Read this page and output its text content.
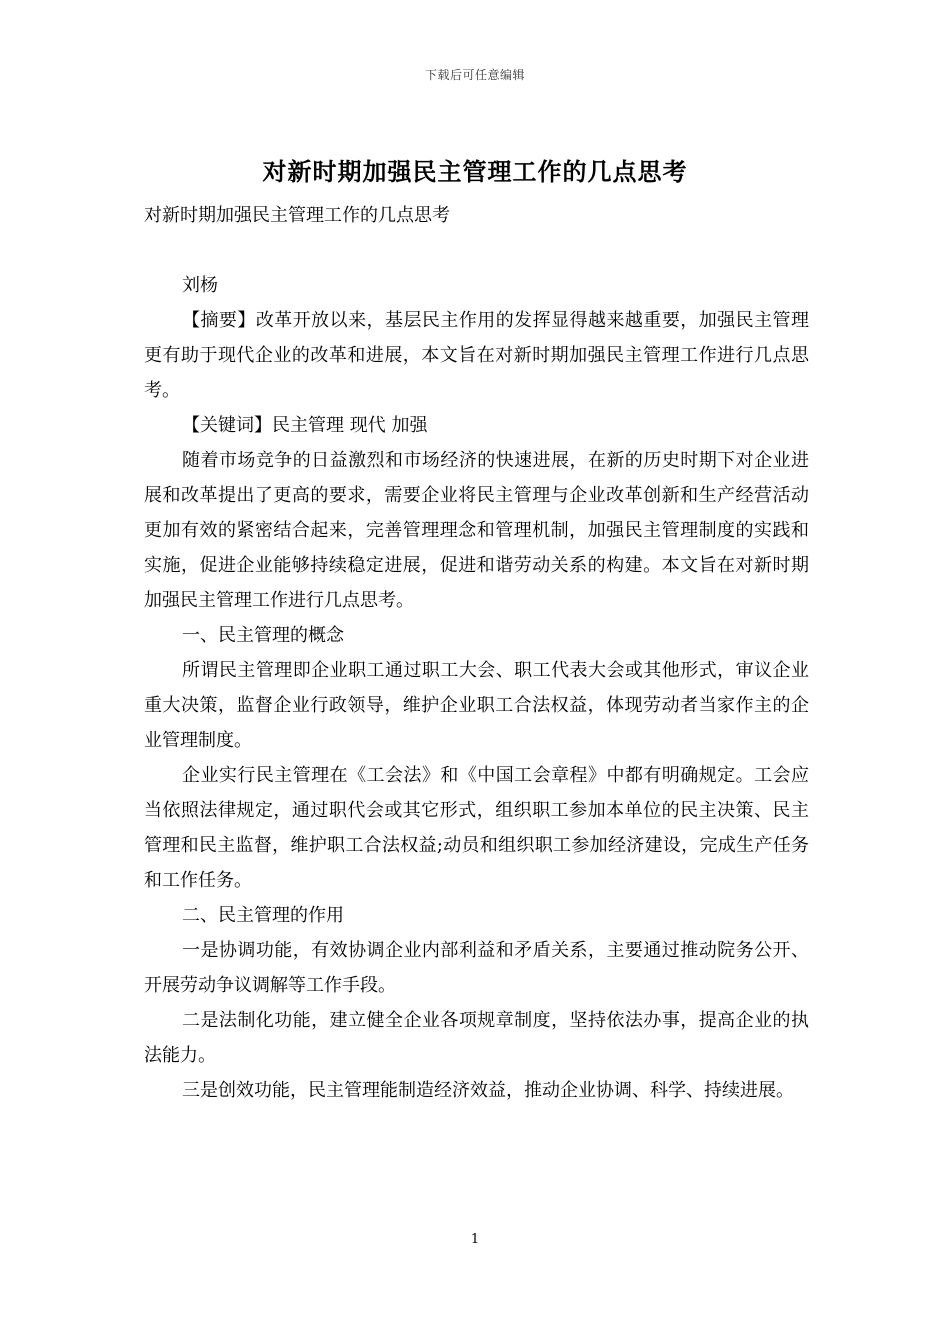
下载后可任意编辑
对新时期加强民主管理工作的几点思考

对新时期加强民主管理工作的几点思考

刘杨

【摘要】改革开放以来，基层民主作用的发挥显得越来越重要，加强民主管理更有助于现代企业的改革和进展，本文旨在对新时期加强民主管理工作进行几点思考。

【关键词】民主管理 现代 加强

随着市场竞争的日益激烈和市场经济的快速进展，在新的历史时期下对企业进展和改革提出了更高的要求，需要企业将民主管理与企业改革创新和生产经营活动更加有效的紧密结合起来，完善管理理念和管理机制，加强民主管理制度的实践和实施，促进企业能够持续稳定进展，促进和谐劳动关系的构建。本文旨在对新时期加强民主管理工作进行几点思考。

一、民主管理的概念

所谓民主管理即企业职工通过职工大会、职工代表大会或其他形式，审议企业重大决策，监督企业行政领导，维护企业职工合法权益，体现劳动者当家作主的企业管理制度。

企业实行民主管理在《工会法》和《中国工会章程》中都有明确规定。工会应当依照法律规定，通过职代会或其它形式，组织职工参加本单位的民主决策、民主管理和民主监督，维护职工合法权益;动员和组织职工参加经济建设，完成生产任务和工作任务。

二、民主管理的作用

一是协调功能，有效协调企业内部利益和矛盾关系，主要通过推动院务公开、开展劳动争议调解等工作手段。

二是法制化功能，建立健全企业各项规章制度，坚持依法办事，提高企业的执法能力。

三是创效功能，民主管理能制造经济效益，推动企业协调、科学、持续进展。

1
